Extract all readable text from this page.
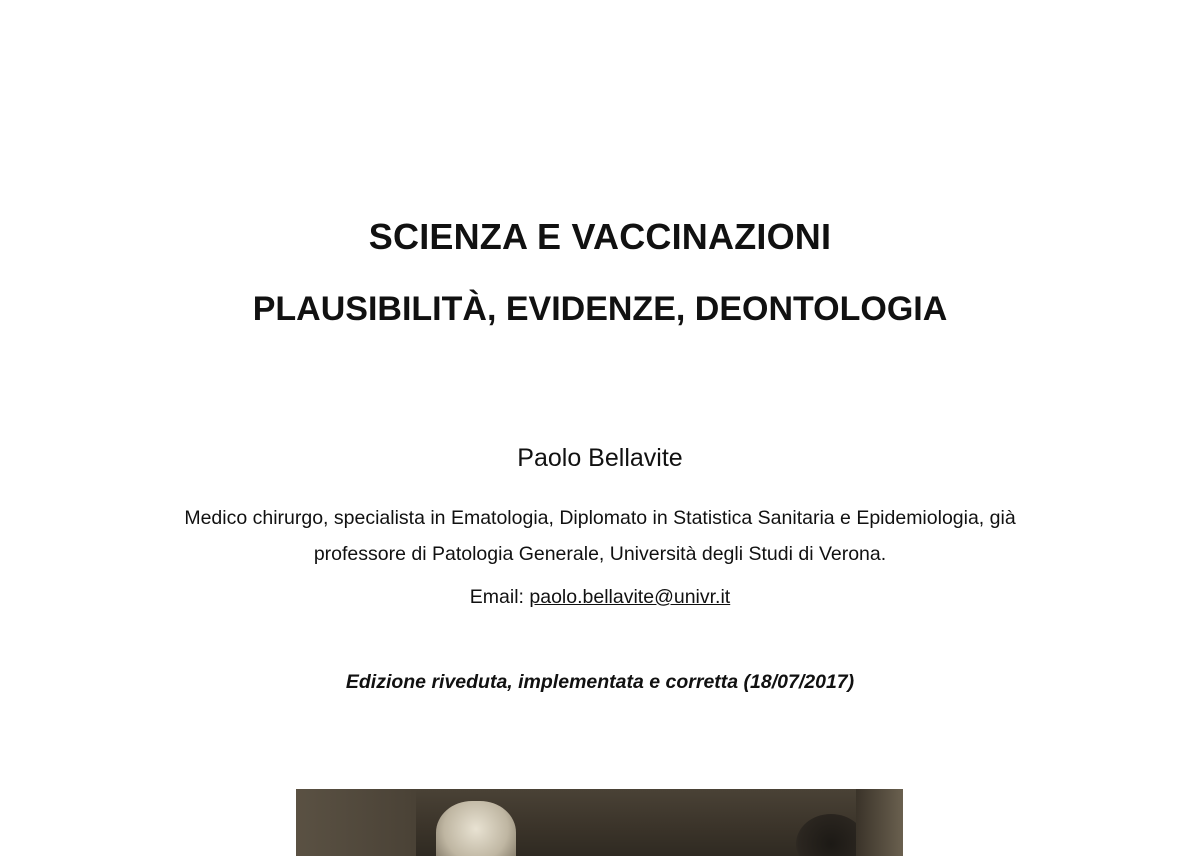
SCIENZA E VACCINAZIONI
PLAUSIBILITÀ, EVIDENZE, DEONTOLOGIA

Paolo Bellavite

Medico chirurgo, specialista in Ematologia, Diplomato in Statistica Sanitaria e Epidemiologia, già
professore di Patologia Generale, Università degli Studi di Verona.

Email: paolo.bellavite@univr.it

Edizione riveduta, implementata e corretta (18/07/2017)
